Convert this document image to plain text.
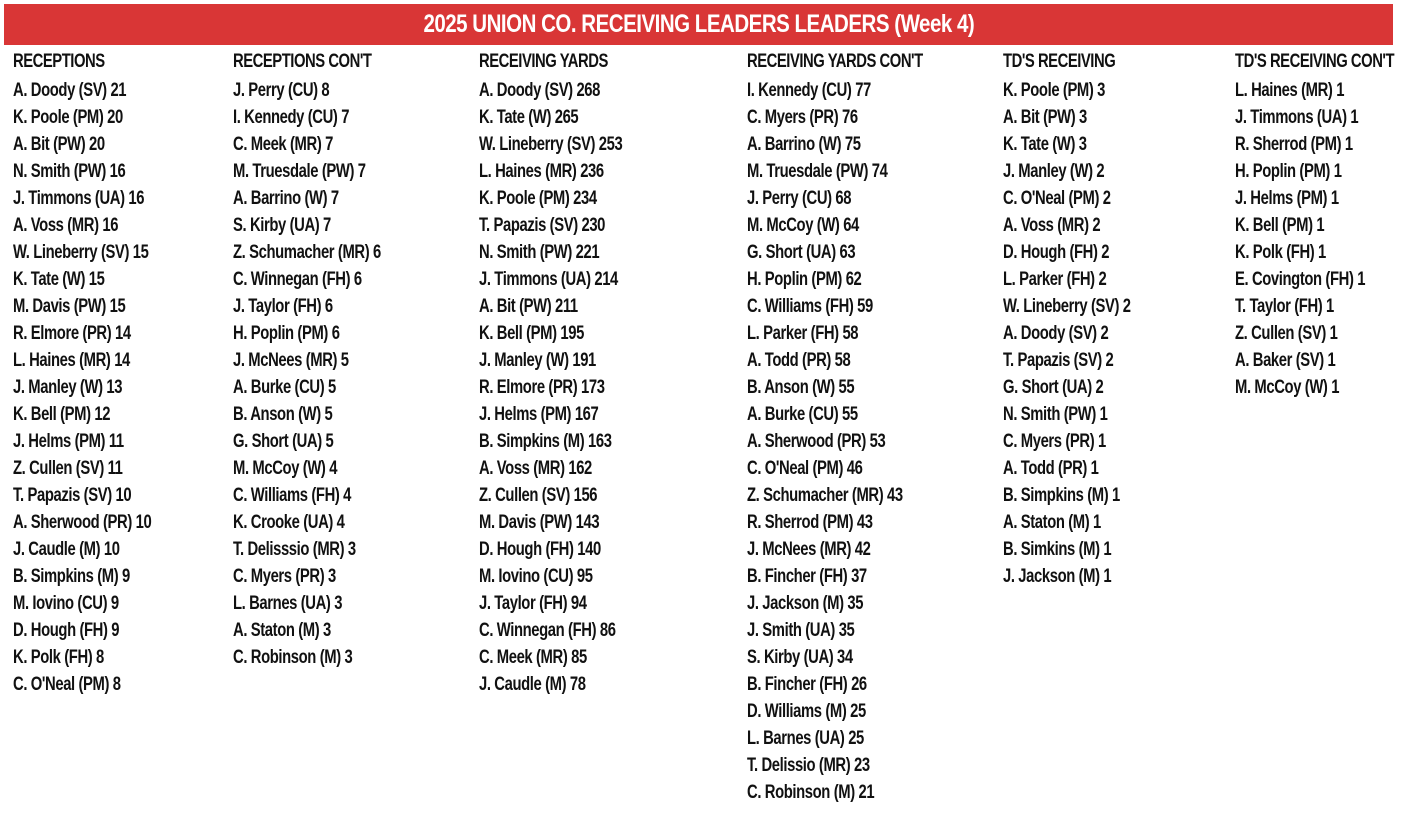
2025 UNION CO. RECEIVING LEADERS LEADERS (Week 4)
RECEPTIONS
A. Doody (SV) 21
K. Poole (PM) 20
A. Bit (PW) 20
N. Smith (PW) 16
J. Timmons (UA) 16
A. Voss (MR) 16
W. Lineberry (SV) 15
K. Tate (W) 15
M. Davis (PW) 15
R. Elmore (PR) 14
L. Haines (MR) 14
J. Manley (W) 13
K. Bell (PM) 12
J. Helms (PM) 11
Z. Cullen (SV) 11
T. Papazis (SV) 10
A. Sherwood (PR) 10
J. Caudle (M) 10
B. Simpkins (M) 9
M. Iovino (CU) 9
D. Hough (FH) 9
K. Polk (FH) 8
C. O'Neal (PM) 8
RECEPTIONS CON'T
J. Perry (CU) 8
I. Kennedy (CU) 7
C. Meek (MR) 7
M. Truesdale (PW) 7
A. Barrino (W) 7
S. Kirby (UA) 7
Z. Schumacher (MR) 6
C. Winnegan (FH) 6
J. Taylor (FH) 6
H. Poplin (PM) 6
J. McNees (MR) 5
A. Burke (CU) 5
B. Anson (W) 5
G. Short (UA) 5
M. McCoy (W) 4
C. Williams (FH) 4
K. Crooke (UA) 4
T. Delisssio (MR) 3
C. Myers (PR) 3
L. Barnes (UA) 3
A. Staton (M) 3
C. Robinson (M) 3
RECEIVING YARDS
A. Doody (SV) 268
K. Tate (W) 265
W. Lineberry (SV) 253
L. Haines (MR) 236
K. Poole (PM) 234
T. Papazis (SV) 230
N. Smith (PW) 221
J. Timmons (UA) 214
A. Bit (PW) 211
K. Bell (PM) 195
J. Manley (W) 191
R. Elmore (PR) 173
J. Helms (PM) 167
B. Simpkins (M) 163
A. Voss (MR) 162
Z. Cullen (SV) 156
M. Davis (PW) 143
D. Hough (FH) 140
M. Iovino (CU) 95
J. Taylor (FH) 94
C. Winnegan (FH) 86
C. Meek (MR) 85
J. Caudle (M) 78
RECEIVING YARDS CON'T
I. Kennedy (CU) 77
C. Myers (PR) 76
A. Barrino (W) 75
M. Truesdale (PW) 74
J. Perry (CU) 68
M. McCoy (W) 64
G. Short (UA) 63
H. Poplin (PM) 62
C. Williams (FH) 59
L. Parker (FH) 58
A. Todd (PR) 58
B. Anson (W) 55
A. Burke (CU) 55
A. Sherwood (PR) 53
C. O'Neal (PM) 46
Z. Schumacher (MR) 43
R. Sherrod (PM) 43
J. McNees (MR) 42
B. Fincher (FH) 37
J. Jackson (M) 35
J. Smith (UA) 35
S. Kirby (UA) 34
B. Fincher (FH) 26
D. Williams (M) 25
L. Barnes (UA) 25
T. Delissio (MR) 23
C. Robinson (M) 21
TD'S RECEIVING
K. Poole (PM) 3
A. Bit (PW) 3
K. Tate (W) 3
J. Manley (W) 2
C. O'Neal (PM) 2
A. Voss (MR) 2
D. Hough (FH) 2
L. Parker (FH) 2
W. Lineberry (SV) 2
A. Doody (SV) 2
T. Papazis (SV) 2
G. Short (UA) 2
N. Smith (PW) 1
C. Myers (PR) 1
A. Todd (PR) 1
B. Simpkins (M) 1
A. Staton (M) 1
B. Simkins (M) 1
J. Jackson (M) 1
TD'S RECEIVING CON'T
L. Haines (MR) 1
J. Timmons (UA) 1
R. Sherrod (PM) 1
H. Poplin (PM) 1
J. Helms (PM) 1
K. Bell (PM) 1
K. Polk (FH) 1
E. Covington (FH) 1
T. Taylor (FH) 1
Z. Cullen (SV) 1
A. Baker (SV) 1
M. McCoy (W) 1
